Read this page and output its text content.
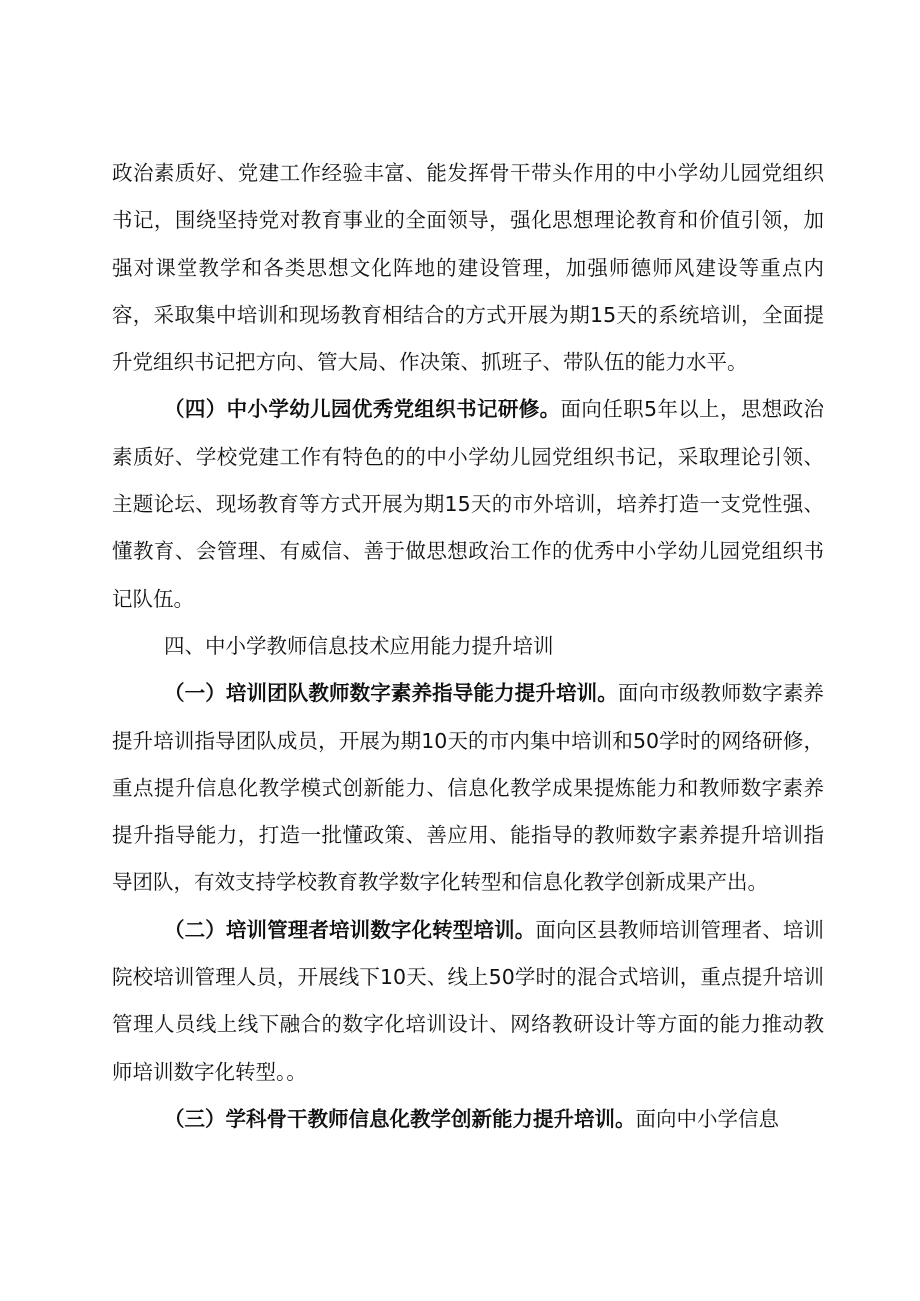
政治素质好、党建工作经验丰富、能发挥骨干带头作用的中小学幼儿园党组织书记，围绕坚持党对教育事业的全面领导，强化思想理论教育和价值引领，加强对课堂教学和各类思想文化阵地的建设管理，加强师德师风建设等重点内容，采取集中培训和现场教育相结合的方式开展为期15天的系统培训，全面提升党组织书记把方向、管大局、作决策、抓班子、带队伍的能力水平。

（四）中小学幼儿园优秀党组织书记研修。面向任职5年以上，思想政治素质好、学校党建工作有特色的的中小学幼儿园党组织书记，采取理论引领、主题论坛、现场教育等方式开展为期15天的市外培训，培养打造一支党性强、懂教育、会管理、有威信、善于做思想政治工作的优秀中小学幼儿园党组织书记队伍。

四、中小学教师信息技术应用能力提升培训

（一）培训团队教师数字素养指导能力提升培训。面向市级教师数字素养提升培训指导团队成员，开展为期10天的市内集中培训和50学时的网络研修，重点提升信息化教学模式创新能力、信息化教学成果提炼能力和教师数字素养提升指导能力，打造一批懂政策、善应用、能指导的教师数字素养提升培训指导团队，有效支持学校教育教学数字化转型和信息化教学创新成果产出。

（二）培训管理者培训数字化转型培训。面向区县教师培训管理者、培训院校培训管理人员，开展线下10天、线上50学时的混合式培训，重点提升培训管理人员线上线下融合的数字化培训设计、网络教研设计等方面的能力推动教师培训数字化转型。。

（三）学科骨干教师信息化教学创新能力提升培训。面向中小学信息
